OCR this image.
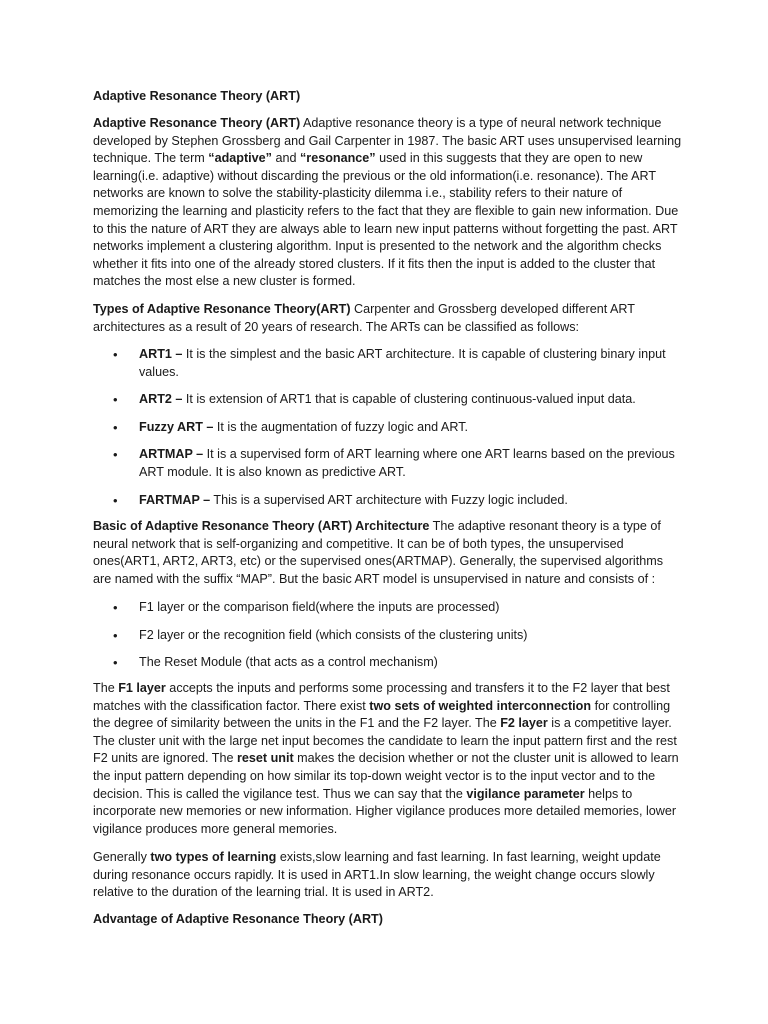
Adaptive Resonance Theory (ART)

Adaptive Resonance Theory (ART) Adaptive resonance theory is a type of neural network technique developed by Stephen Grossberg and Gail Carpenter in 1987. The basic ART uses unsupervised learning technique. The term “adaptive” and “resonance” used in this suggests that they are open to new learning(i.e. adaptive) without discarding the previous or the old information(i.e. resonance). The ART networks are known to solve the stability-plasticity dilemma i.e., stability refers to their nature of memorizing the learning and plasticity refers to the fact that they are flexible to gain new information. Due to this the nature of ART they are always able to learn new input patterns without forgetting the past. ART networks implement a clustering algorithm. Input is presented to the network and the algorithm checks whether it fits into one of the already stored clusters. If it fits then the input is added to the cluster that matches the most else a new cluster is formed.

Types of Adaptive Resonance Theory(ART) Carpenter and Grossberg developed different ART architectures as a result of 20 years of research. The ARTs can be classified as follows:

• ART1 – It is the simplest and the basic ART architecture. It is capable of clustering binary input values.
• ART2 – It is extension of ART1 that is capable of clustering continuous-valued input data.
• Fuzzy ART – It is the augmentation of fuzzy logic and ART.
• ARTMAP – It is a supervised form of ART learning where one ART learns based on the previous ART module. It is also known as predictive ART.
• FARTMAP – This is a supervised ART architecture with Fuzzy logic included.

Basic of Adaptive Resonance Theory (ART) Architecture The adaptive resonant theory is a type of neural network that is self-organizing and competitive. It can be of both types, the unsupervised ones(ART1, ART2, ART3, etc) or the supervised ones(ARTMAP). Generally, the supervised algorithms are named with the suffix “MAP”. But the basic ART model is unsupervised in nature and consists of :

• F1 layer or the comparison field(where the inputs are processed)
• F2 layer or the recognition field (which consists of the clustering units)
• The Reset Module (that acts as a control mechanism)

The F1 layer accepts the inputs and performs some processing and transfers it to the F2 layer that best matches with the classification factor. There exist two sets of weighted interconnection for controlling the degree of similarity between the units in the F1 and the F2 layer. The F2 layer is a competitive layer. The cluster unit with the large net input becomes the candidate to learn the input pattern first and the rest F2 units are ignored. The reset unit makes the decision whether or not the cluster unit is allowed to learn the input pattern depending on how similar its top-down weight vector is to the input vector and to the decision. This is called the vigilance test. Thus we can say that the vigilance parameter helps to incorporate new memories or new information. Higher vigilance produces more detailed memories, lower vigilance produces more general memories.

Generally two types of learning exists,slow learning and fast learning. In fast learning, weight update during resonance occurs rapidly. It is used in ART1.In slow learning, the weight change occurs slowly relative to the duration of the learning trial. It is used in ART2.

Advantage of Adaptive Resonance Theory (ART)
